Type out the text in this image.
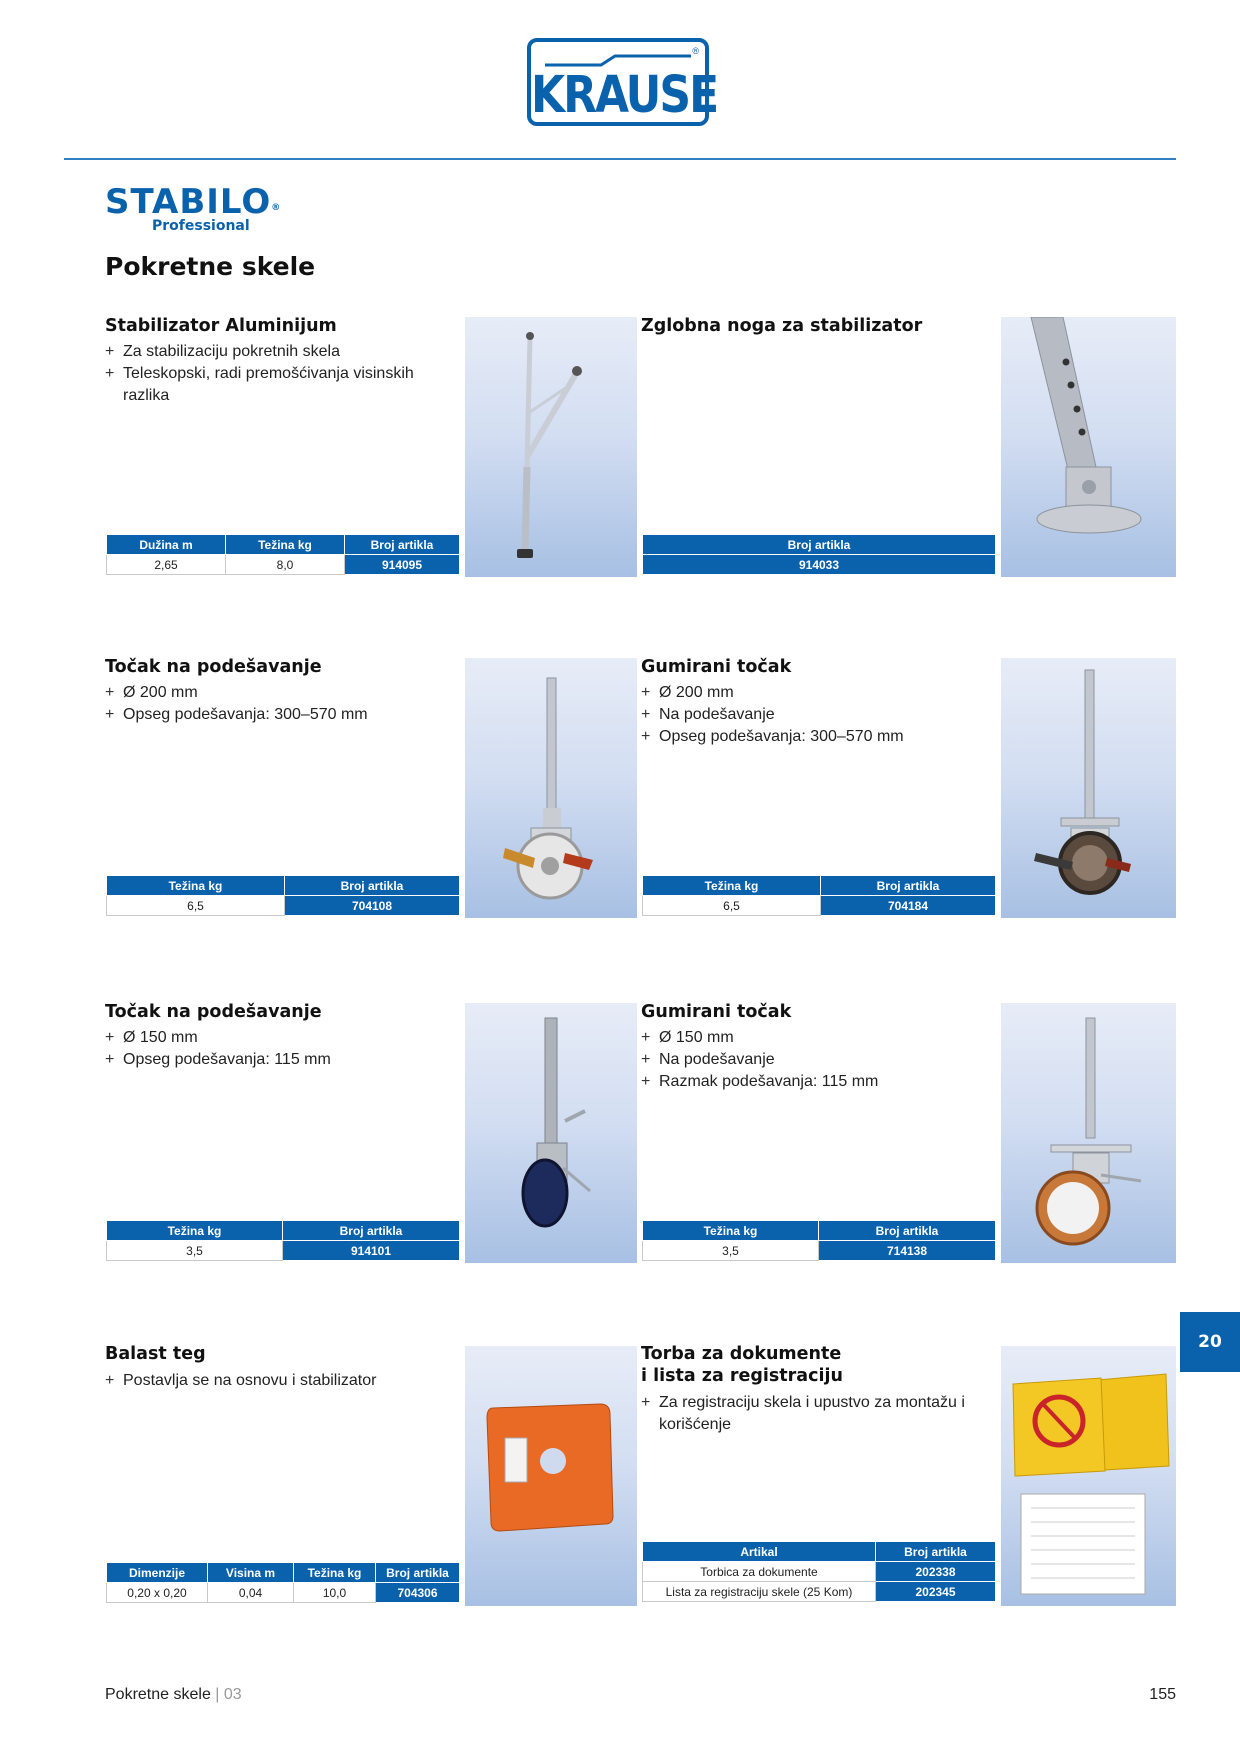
®
KRAUSE
STABILO®
Professional
Pokretne skele
Stabilizator Aluminijum
+ Za stabilizaciju pokretnih skela
+ Teleskopski, radi premošćivanja visinskih razlika
Dužina m	Težina kg	Broj artikla
2,65	8,0	914095
Zglobna noga za stabilizator
Broj artikla
914033
Točak na podešavanje
+ Ø 200 mm
+ Opseg podešavanja: 300–570 mm
Težina kg	Broj artikla
6,5	704108
Gumirani točak
+ Ø 200 mm
+ Na podešavanje
+ Opseg podešavanja: 300–570 mm
Težina kg	Broj artikla
6,5	704184
Točak na podešavanje
+ Ø 150 mm
+ Opseg podešavanja: 115 mm
Težina kg	Broj artikla
3,5	914101
Gumirani točak
+ Ø 150 mm
+ Na podešavanje
+ Razmak podešavanja: 115 mm
Težina kg	Broj artikla
3,5	714138
20
Balast teg
+ Postavlja se na osnovu i stabilizator
Dimenzije	Visina m	Težina kg	Broj artikla
0,20 x 0,20	0,04	10,0	704306
Torba za dokumente
i lista za registraciju
+ Za registraciju skela i upustvo za montažu i korišćenje
Artikal	Broj artikla
Torbica za dokumente	202338
Lista za registraciju skele (25 Kom)	202345
Pokretne skele | 03	155
